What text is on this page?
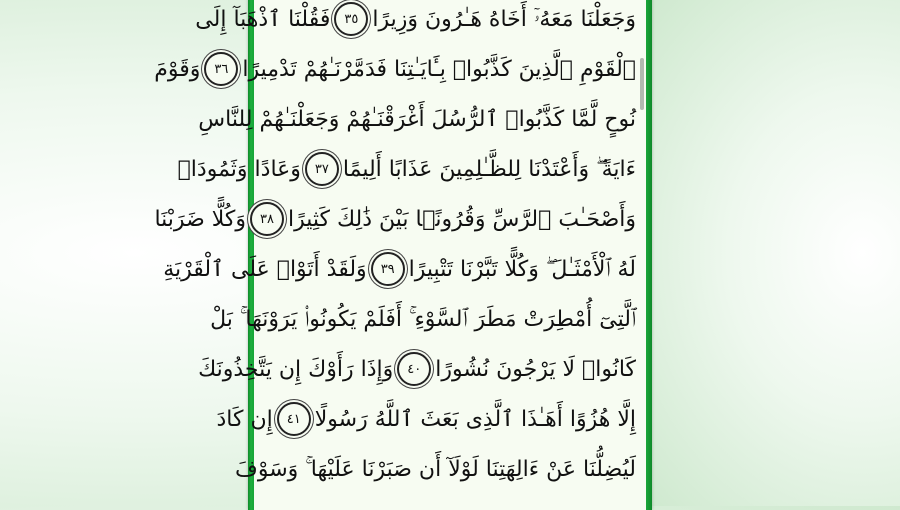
وَجَعَلْنَا مَعَهُۥٓ أَخَاهُ هَـٰرُونَ وَزِيرًا
٣٥
فَقُلْنَا ٱذْهَبَآ إِلَى
ٱلْقَوْمِ ٱلَّذِينَ كَذَّبُوا۟ بِـَٔايَـٰتِنَا فَدَمَّرْنَـٰهُمْ تَدْمِيرًا
٣٦
وَقَوْمَ
نُوحٍ لَّمَّا كَذَّبُوا۟ ٱلرُّسُلَ أَغْرَقْنَـٰهُمْ وَجَعَلْنَـٰهُمْ لِلنَّاسِ
ءَايَةً ۖ وَأَعْتَدْنَا لِلظَّـٰلِمِينَ عَذَابًا أَلِيمًا
٣٧
وَعَادًا وَثَمُودَا۟
وَأَصْحَـٰبَ ٱلرَّسِّ وَقُرُونًۢا بَيْنَ ذَٰلِكَ كَثِيرًا
٣٨
وَكُلًّا ضَرَبْنَا
لَهُ ٱلْأَمْثَـٰلَ ۖ وَكُلًّا تَبَّرْنَا تَتْبِيرًا
٣٩
وَلَقَدْ أَتَوْا۟ عَلَى ٱلْقَرْيَةِ
ٱلَّتِىٓ أُمْطِرَتْ مَطَرَ ٱلسَّوْءِ ۚ أَفَلَمْ يَكُونُوا۟ يَرَوْنَهَا ۚ بَلْ
كَانُوا۟ لَا يَرْجُونَ نُشُورًا
٤٠
وَإِذَا رَأَوْكَ إِن يَتَّخِذُونَكَ
إِلَّا هُزُوًا أَهَـٰذَا ٱلَّذِى بَعَثَ ٱللَّهُ رَسُولًا
٤١
إِن كَادَ
لَيُضِلُّنَا عَنْ ءَالِهَتِنَا لَوْلَآ أَن صَبَرْنَا عَلَيْهَا ۚ وَسَوْفَ
